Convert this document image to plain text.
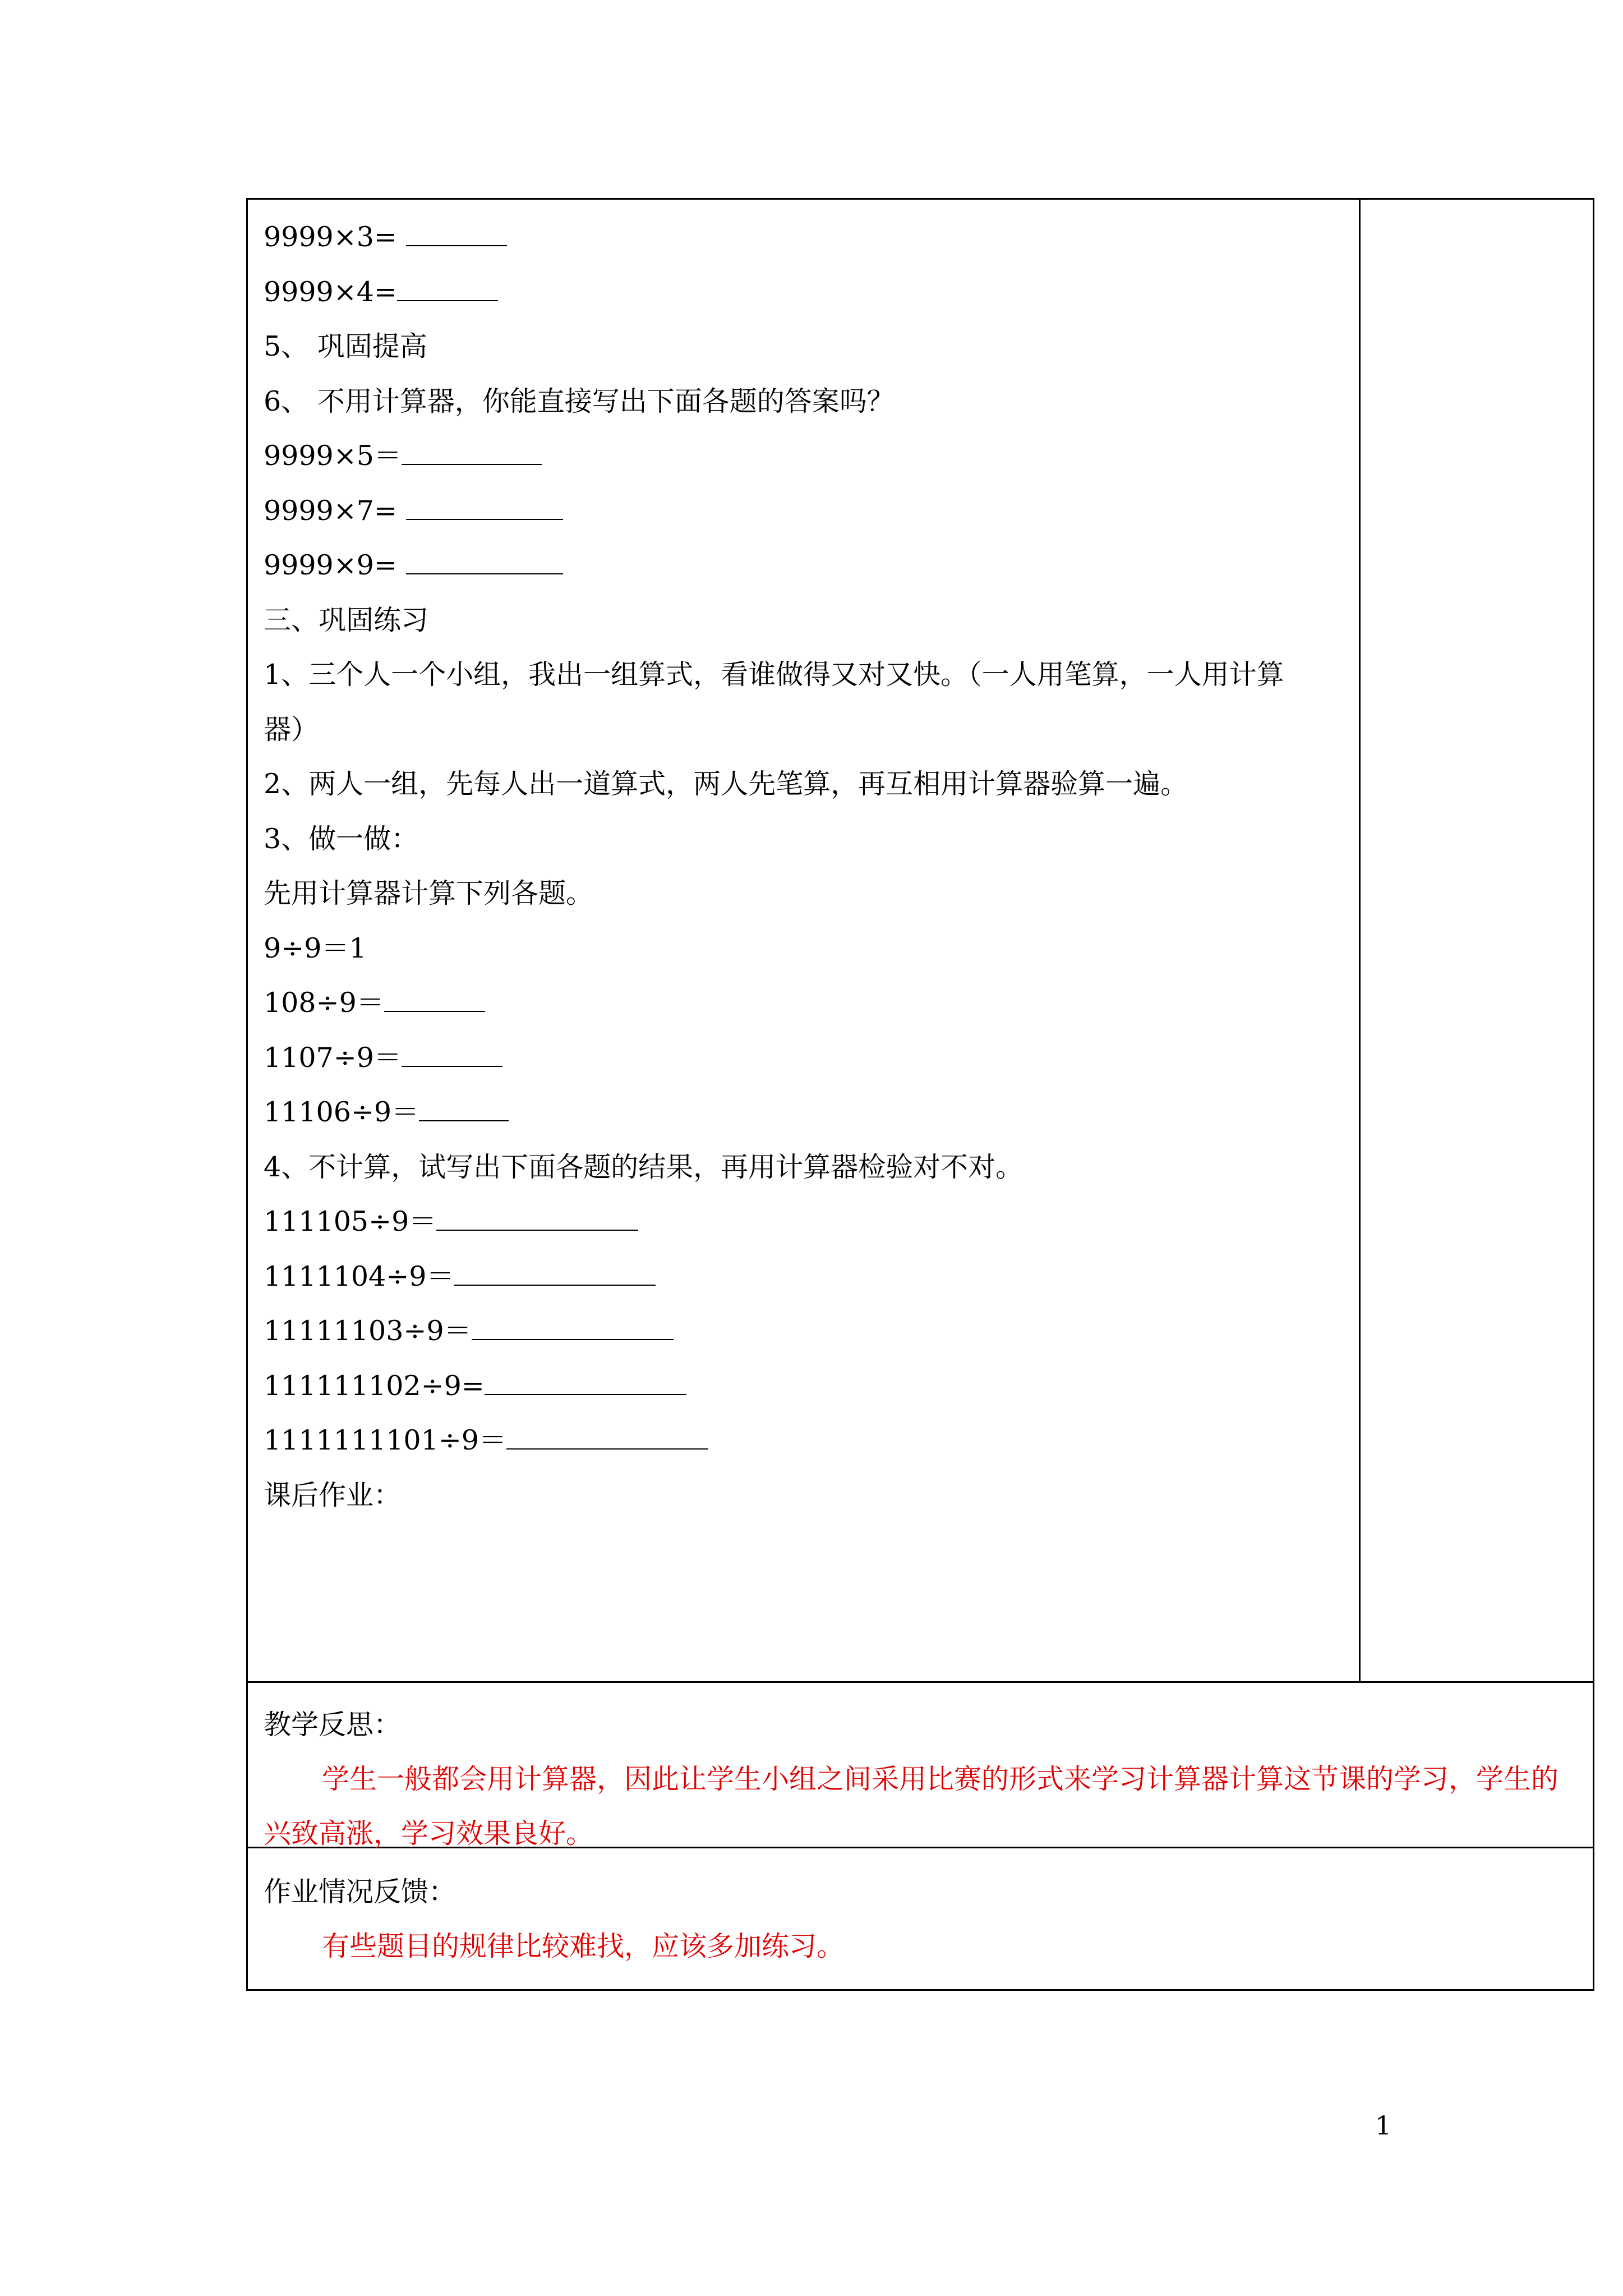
9999×3=
9999×4=
5、 巩固提高
6、 不用计算器，你能直接写出下面各题的答案吗？
9999×5＝
9999×7=
9999×9=
三、巩固练习
1、三个人一个小组，我出一组算式，看谁做得又对又快。（一人用笔算，一人用计算
器）
2、两人一组，先每人出一道算式，两人先笔算，再互相用计算器验算一遍。
3、做一做：
先用计算器计算下列各题。
9÷9＝1
108÷9＝
1107÷9＝
11106÷9＝
4、不计算，试写出下面各题的结果，再用计算器检验对不对。
111105÷9＝
1111104÷9＝
11111103÷9＝
111111102÷9=
1111111101÷9＝
课后作业：
教学反思：
学生一般都会用计算器，因此让学生小组之间采用比赛的形式来学习计算器计算这节课的学习，学生的兴致高涨，学习效果良好。
作业情况反馈：
有些题目的规律比较难找，应该多加练习。
1
